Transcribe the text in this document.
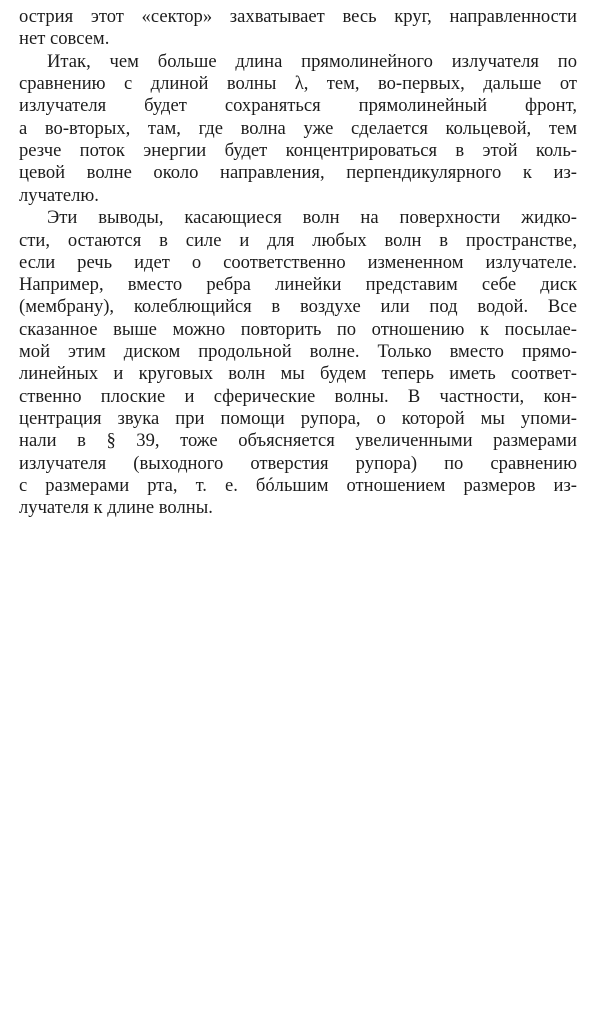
острия этот «сектор» захватывает весь круг, направленности
нет совсем.
Итак, чем больше длина прямолинейного излучателя по
сравнению с длиной волны λ, тем, во-первых, дальше от
излучателя будет сохраняться прямолинейный фронт,
а во-вторых, там, где волна уже сделается кольцевой, тем
резче поток энергии будет концентрироваться в этой коль-
цевой волне около направления, перпендикулярного к из-
лучателю.
Эти выводы, касающиеся волн на поверхности жидко-
сти, остаются в силе и для любых волн в пространстве,
если речь идет о соответственно измененном излучателе.
Например, вместо ребра линейки представим себе диск
(мембрану), колеблющийся в воздухе или под водой. Все
сказанное выше можно повторить по отношению к посылае-
мой этим диском продольной волне. Только вместо прямо-
линейных и круговых волн мы будем теперь иметь соответ-
ственно плоские и сферические волны. В частности, кон-
центрация звука при помощи рупора, о которой мы упоми-
нали в § 39, тоже объясняется увеличенными размерами
излучателя (выходного отверстия рупора) по сравнению
с размерами рта, т. е. бóльшим отношением размеров из-
лучателя к длине волны.
